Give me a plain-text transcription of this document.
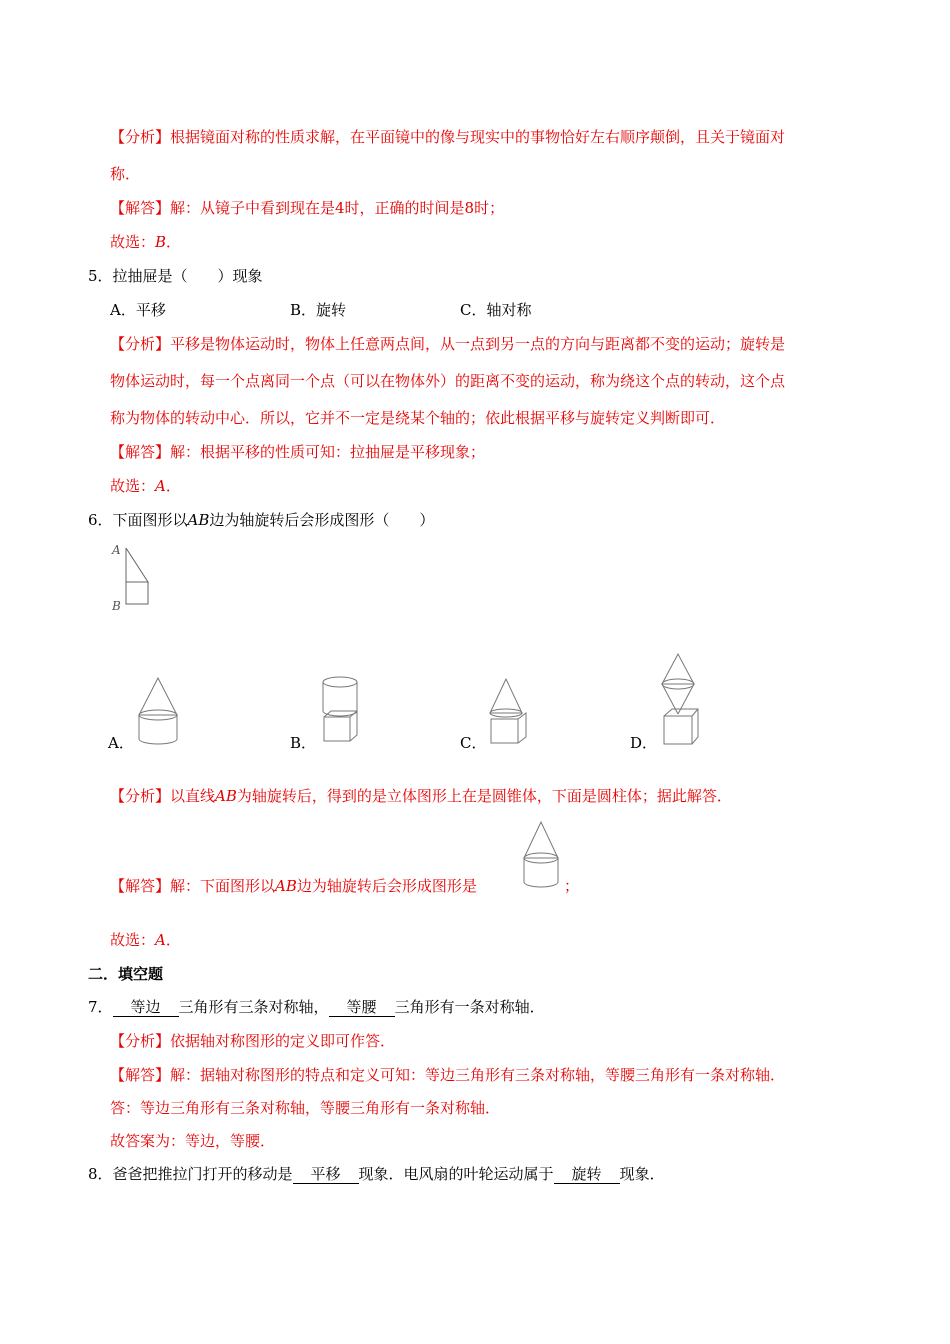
【分析】根据镜面对称的性质求解，在平面镜中的像与现实中的事物恰好左右顺序颠倒，且关于镜面对
称．
【解答】解：从镜子中看到现在是4时，正确的时间是8时；
故选：B．
5．拉抽屉是（　　）现象
A．平移	B．旋转	C．轴对称
【分析】平移是物体运动时，物体上任意两点间，从一点到另一点的方向与距离都不变的运动；旋转是
物体运动时，每一个点离同一个点（可以在物体外）的距离不变的运动，称为绕这个点的转动，这个点
称为物体的转动中心．所以，它并不一定是绕某个轴的；依此根据平移与旋转定义判断即可．
【解答】解：根据平移的性质可知：拉抽屉是平移现象；
故选：A．
6．下面图形以AB边为轴旋转后会形成图形（　　）
A
B
A．	B．	C．	D．
【分析】以直线AB为轴旋转后，得到的是立体图形上在是圆锥体，下面是圆柱体；据此解答．
【解答】解：下面图形以AB边为轴旋转后会形成图形是	；
故选：A．
二．填空题
7． 等边 三角形有三条对称轴， 等腰 三角形有一条对称轴．
【分析】依据轴对称图形的定义即可作答．
【解答】解：据轴对称图形的特点和定义可知：等边三角形有三条对称轴，等腰三角形有一条对称轴．
答：等边三角形有三条对称轴，等腰三角形有一条对称轴．
故答案为：等边，等腰．
8．爸爸把推拉门打开的移动是 平移 现象．电风扇的叶轮运动属于 旋转 现象．
